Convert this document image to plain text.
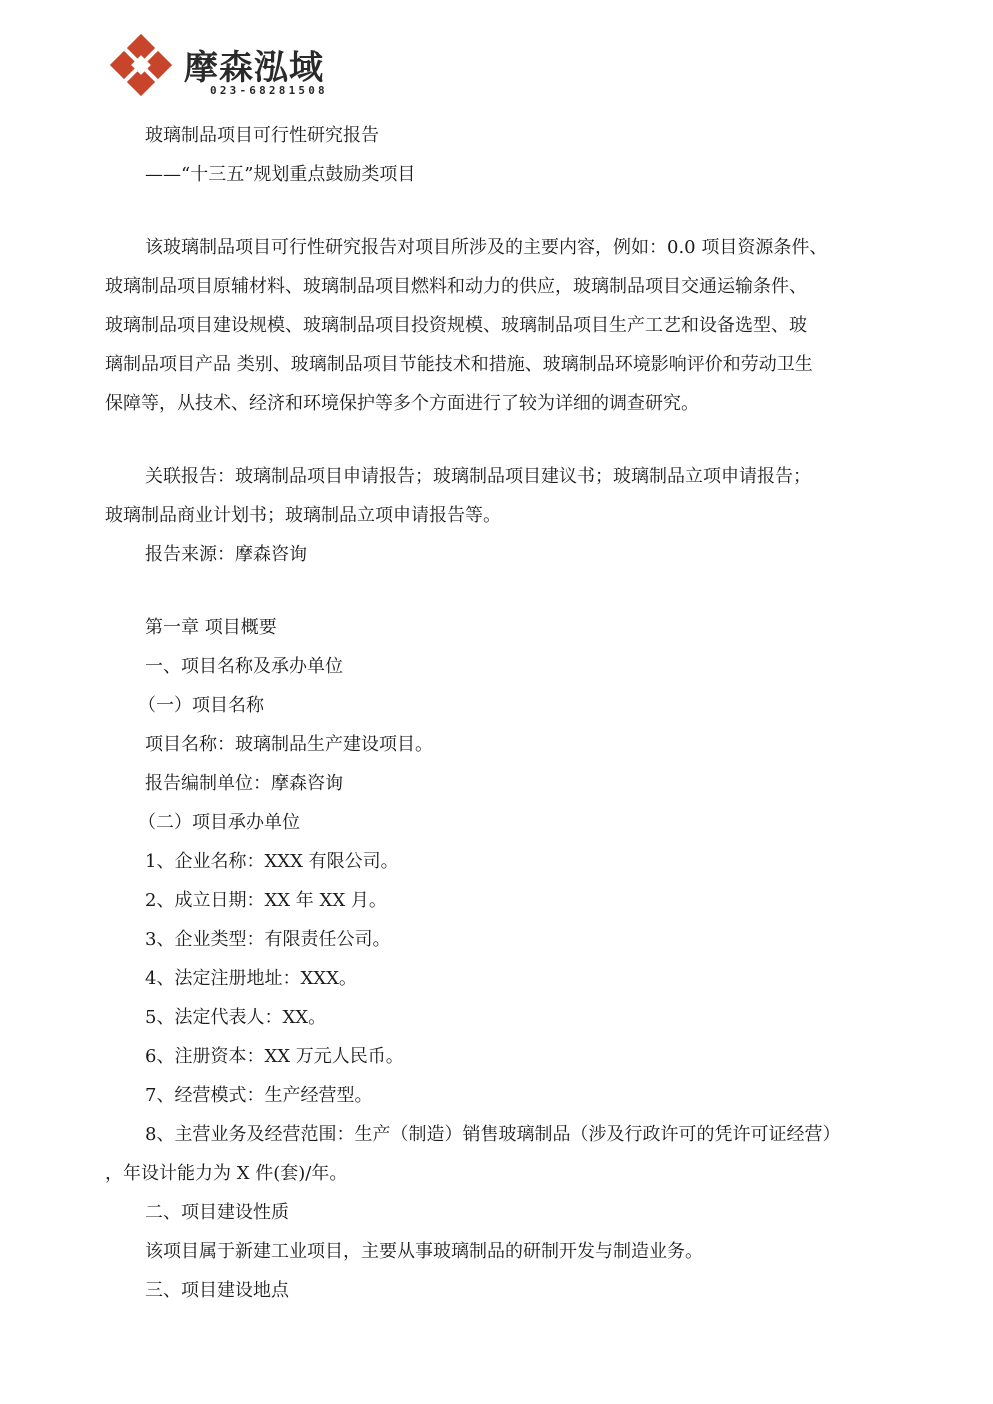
摩森泓域
023-68281508
玻璃制品项目可行性研究报告
——“十三五”规划重点鼓励类项目
该玻璃制品项目可行性研究报告对项目所涉及的主要内容，例如：0.0 项目资源条件、
玻璃制品项目原辅材料、玻璃制品项目燃料和动力的供应，玻璃制品项目交通运输条件、
玻璃制品项目建设规模、玻璃制品项目投资规模、玻璃制品项目生产工艺和设备选型、玻
璃制品项目产品 类别、玻璃制品项目节能技术和措施、玻璃制品环境影响评价和劳动卫生
保障等，从技术、经济和环境保护等多个方面进行了较为详细的调查研究。
关联报告：玻璃制品项目申请报告；玻璃制品项目建议书；玻璃制品立项申请报告；
玻璃制品商业计划书；玻璃制品立项申请报告等。
报告来源：摩森咨询
第一章 项目概要
一、项目名称及承办单位
（一）项目名称
项目名称：玻璃制品生产建设项目。
报告编制单位：摩森咨询
（二）项目承办单位
1、企业名称：XXX 有限公司。
2、成立日期：XX 年 XX 月。
3、企业类型：有限责任公司。
4、法定注册地址：XXX。
5、法定代表人：XX。
6、注册资本：XX 万元人民币。
7、经营模式：生产经营型。
8、主营业务及经营范围：生产（制造）销售玻璃制品（涉及行政许可的凭许可证经营）
，年设计能力为 X 件(套)/年。
二、项目建设性质
该项目属于新建工业项目，主要从事玻璃制品的研制开发与制造业务。
三、项目建设地点
